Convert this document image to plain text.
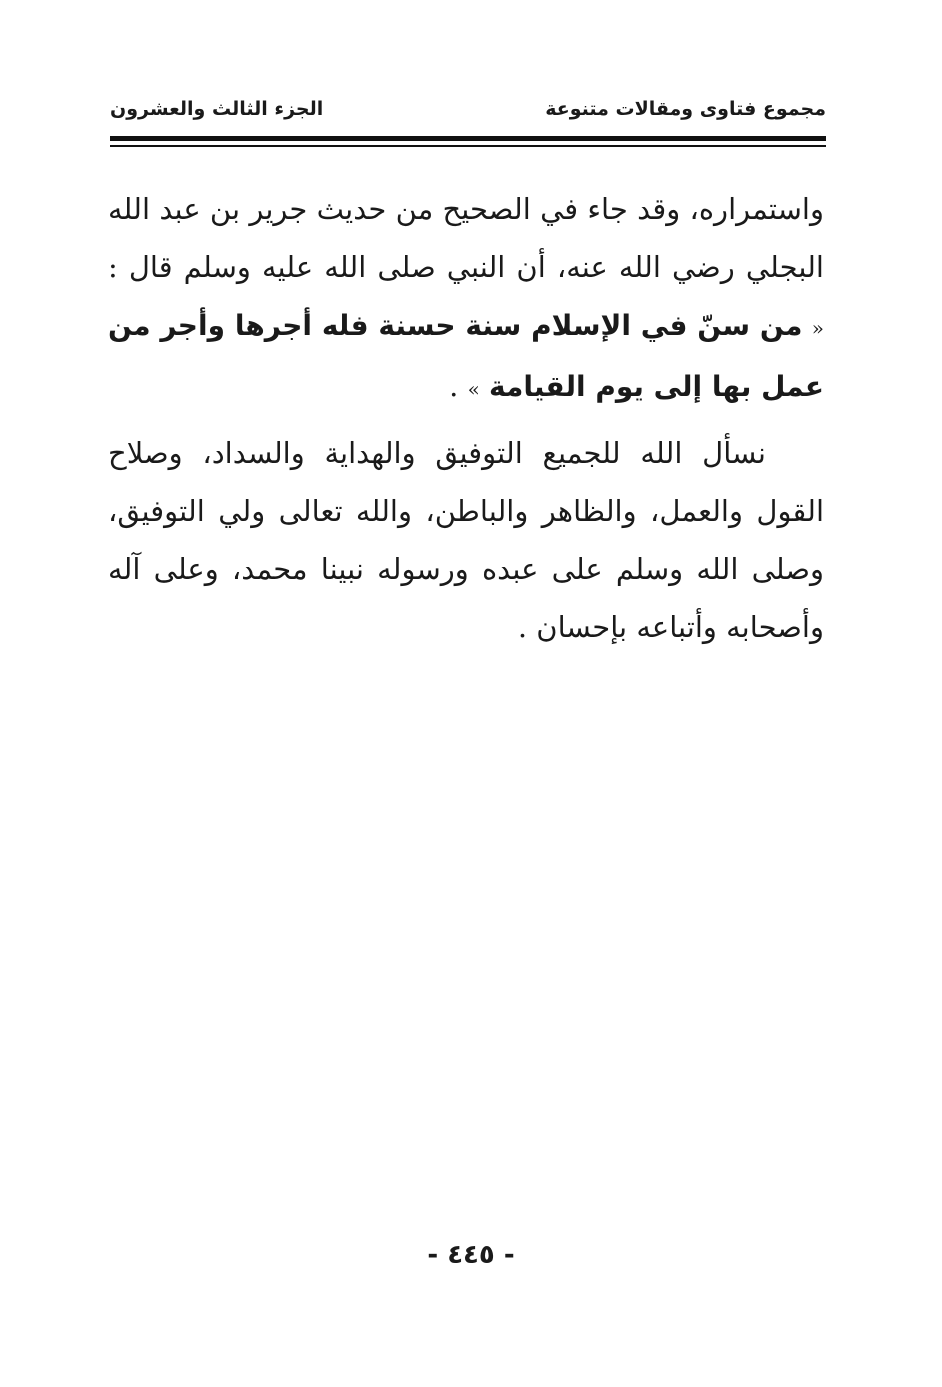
مجموع فتاوى ومقالات متنوعة
الجزء الثالث والعشرون

واستمراره، وقد جاء في الصحيح من حديث جرير بن عبد الله البجلي رضي الله عنه، أن النبي صلى الله عليه وسلم قال : « من سنّ في الإسلام سنة حسنة فله أجرها وأجر من عمل بها إلى يوم القيامة » .

نسأل الله للجميع التوفيق والهداية والسداد، وصلاح القول والعمل، والظاهر والباطن، والله تعالى ولي التوفيق، وصلى الله وسلم على عبده ورسوله نبينا محمد، وعلى آله وأصحابه وأتباعه بإحسان .

- ٤٤٥ -
